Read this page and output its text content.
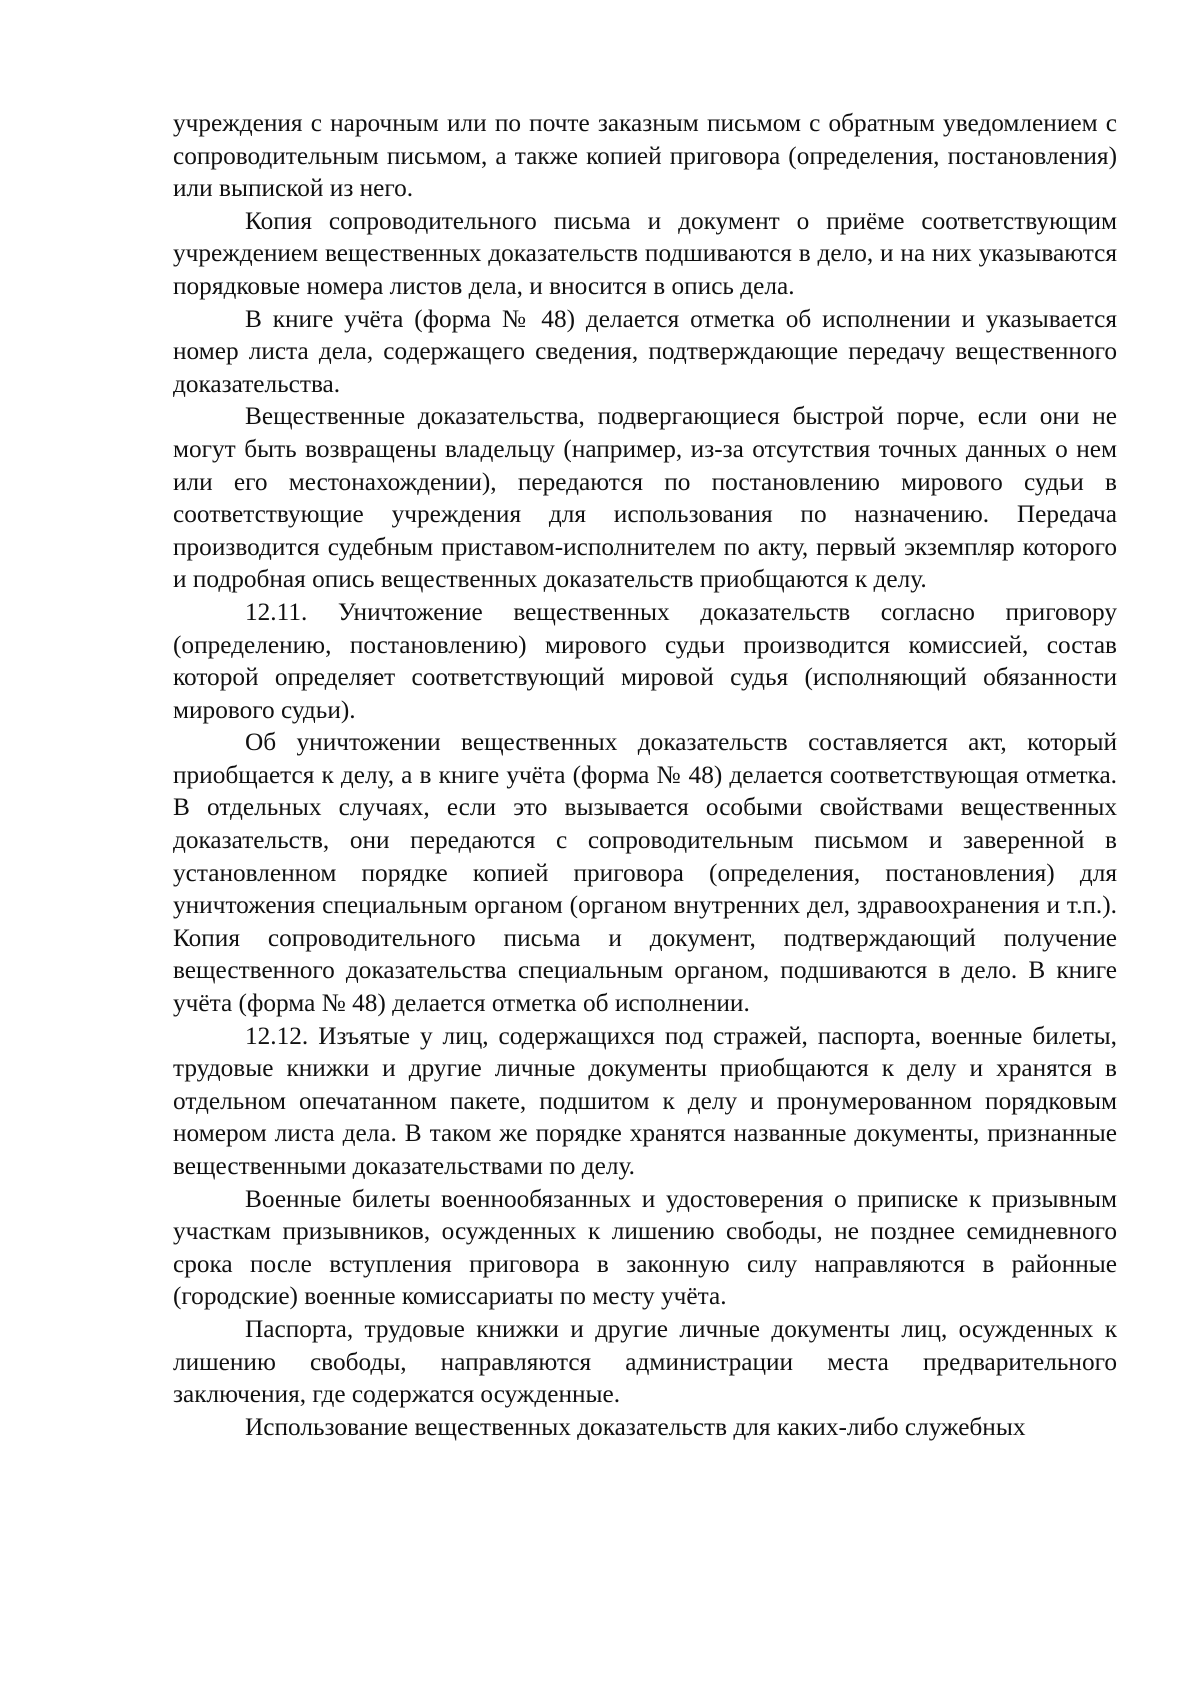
учреждения с нарочным или по почте заказным письмом с обратным уведомлением с сопроводительным письмом, а также копией приговора (определения, постановления) или выпиской из него.

Копия сопроводительного письма и документ о приёме соответствующим учреждением вещественных доказательств подшиваются в дело, и на них указываются порядковые номера листов дела, и вносится в опись дела.

В книге учёта (форма № 48) делается отметка об исполнении и указывается номер листа дела, содержащего сведения, подтверждающие передачу вещественного доказательства.

Вещественные доказательства, подвергающиеся быстрой порче, если они не могут быть возвращены владельцу (например, из-за отсутствия точных данных о нем или его местонахождении), передаются по постановлению мирового судьи в соответствующие учреждения для использования по назначению. Передача производится судебным приставом-исполнителем по акту, первый экземпляр которого и подробная опись вещественных доказательств приобщаются к делу.

12.11. Уничтожение вещественных доказательств согласно приговору (определению, постановлению) мирового судьи производится комиссией, состав которой определяет соответствующий мировой судья (исполняющий обязанности мирового судьи).

Об уничтожении вещественных доказательств составляется акт, который приобщается к делу, а в книге учёта (форма № 48) делается соответствующая отметка. В отдельных случаях, если это вызывается особыми свойствами вещественных доказательств, они передаются с сопроводительным письмом и заверенной в установленном порядке копией приговора (определения, постановления) для уничтожения специальным органом (органом внутренних дел, здравоохранения и т.п.). Копия сопроводительного письма и документ, подтверждающий получение вещественного доказательства специальным органом, подшиваются в дело. В книге учёта (форма № 48) делается отметка об исполнении.

12.12. Изъятые у лиц, содержащихся под стражей, паспорта, военные билеты, трудовые книжки и другие личные документы приобщаются к делу и хранятся в отдельном опечатанном пакете, подшитом к делу и пронумерованном порядковым номером листа дела. В таком же порядке хранятся названные документы, признанные вещественными доказательствами по делу.

Военные билеты военнообязанных и удостоверения о приписке к призывным участкам призывников, осужденных к лишению свободы, не позднее семидневного срока после вступления приговора в законную силу направляются в районные (городские) военные комиссариаты по месту учёта.

Паспорта, трудовые книжки и другие личные документы лиц, осужденных к лишению свободы, направляются администрации места предварительного заключения, где содержатся осужденные.

Использование вещественных доказательств для каких-либо служебных
